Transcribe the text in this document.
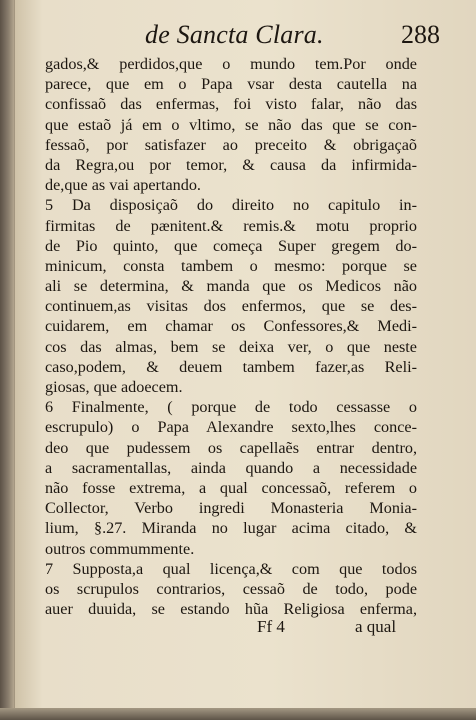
de Sancta Clara.	288
gados,& perdidos,que o mundo tem.Por onde
parece, que em o Papa vsar desta cautella na
confissaõ das enfermas, foi visto falar, não das
que estaõ já em o vltimo, se não das que se con-
fessaõ, por satisfazer ao preceito & obrigaçaõ
da Regra,ou por temor, & causa da infirmida-
de,que as vai apertando.
5 Da disposiçaõ do direito no capitulo in-
firmitas de pænitent.& remis.& motu proprio
de Pio quinto, que começa Super gregem do-
minicum, consta tambem o mesmo: porque se
ali se determina, & manda que os Medicos não
continuem,as visitas dos enfermos, que se des-
cuidarem, em chamar os Confessores,& Medi-
cos das almas, bem se deixa ver, o que neste
caso,podem, & deuem tambem fazer,as Reli-
giosas, que adoecem.
6 Finalmente, ( porque de todo cessasse o
escrupulo) o Papa Alexandre sexto,lhes conce-
deo que pudessem os capellaẽs entrar dentro,
a sacramentallas, ainda quando a necessidade
não fosse extrema, a qual concessaõ, referem o
Collector, Verbo ingredi Monasteria Monia-
lium, §.27. Miranda no lugar acima citado, &
outros commummente.
7 Supposta,a qual licença,& com que todos
os scrupulos contrarios, cessaõ de todo, pode
auer duuida, se estando hũa Religiosa enferma,
Ff 4	a qual
